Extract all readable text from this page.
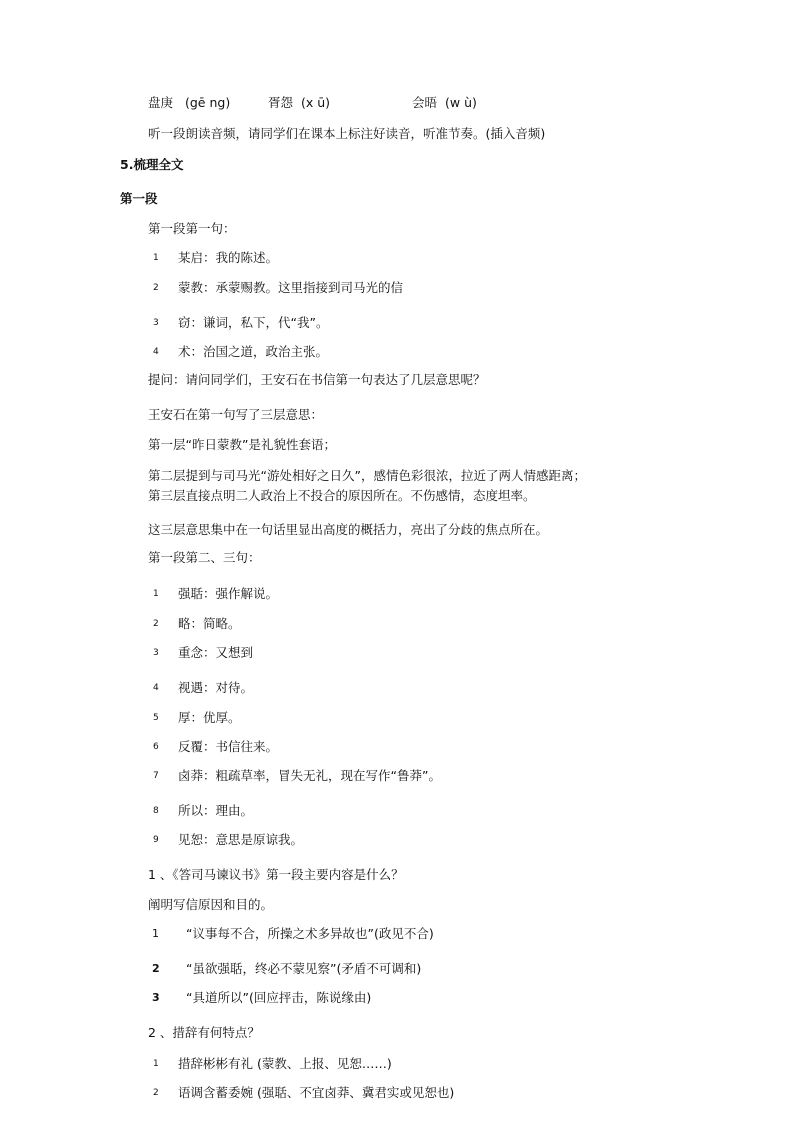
盘庚 (gē ng)	胥怨 (x ū)	会晤 (w ù)
听一段朗读音频，请同学们在课本上标注好读音，听准节奏。(插入音频)
5.梳理全文
第一段
第一段第一句：
1 某启：我的陈述。
2 蒙教：承蒙赐教。这里指接到司马光的信
3 窃：谦词，私下，代“我”。
4 术：治国之道，政治主张。
提问：请问同学们，王安石在书信第一句表达了几层意思呢？
王安石在第一句写了三层意思：
第一层“昨日蒙教”是礼貌性套语；
第二层提到与司马光“游处相好之日久”，感情色彩很浓，拉近了两人情感距离；
第三层直接点明二人政治上不投合的原因所在。不伤感情，态度坦率。
这三层意思集中在一句话里显出高度的概括力，亮出了分歧的焦点所在。
第一段第二、三句：
1 强聒：强作解说。
2 略：简略。
3 重念：又想到
4 视遇：对待。
5 厚：优厚。
6 反覆：书信往来。
7 卤莽：粗疏草率，冒失无礼，现在写作“鲁莽”。
8 所以：理由。
9 见恕：意思是原谅我。
1 、《答司马谏议书》第一段主要内容是什么？
阐明写信原因和目的。
1 “议事每不合，所操之术多异故也”(政见不合)
2 “虽欲强聒，终必不蒙见察”(矛盾不可调和)
3 “具道所以”(回应抨击，陈说缘由)
2 、措辞有何特点？
1 措辞彬彬有礼 (蒙教、上报、见恕……)
2 语调含蓄委婉 (强聒、不宜卤莽、冀君实或见恕也)
